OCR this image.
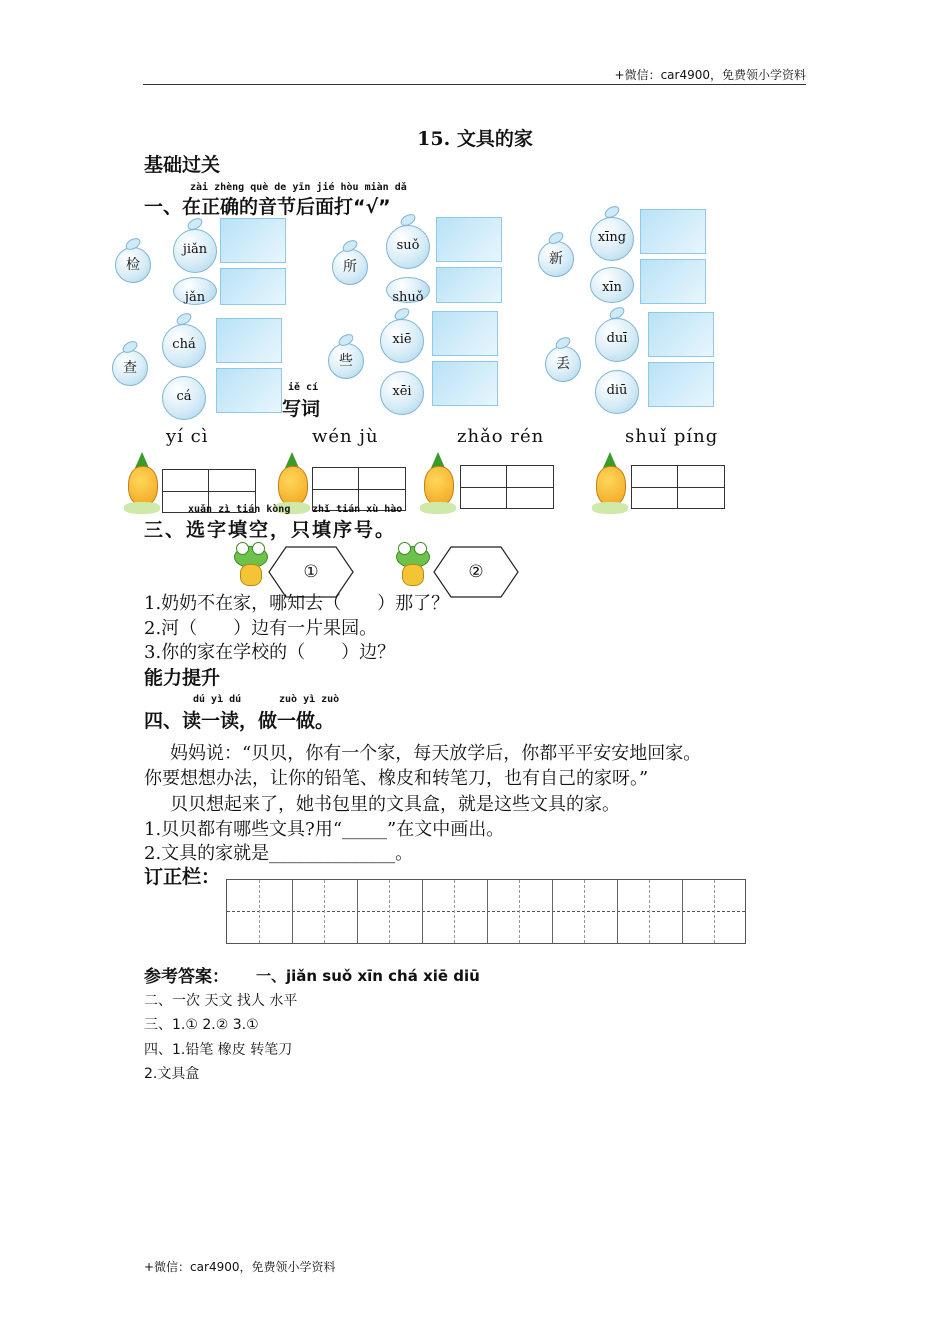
+微信：car4900，免费领小学资料
15. 文具的家
基础过关
zài zhèng què de yīn jié hòu miàn dǎ
一、在正确的音节后面打“√”
检
jiǎn
jǎn
所
suǒ
shuǒ
新
xīng
xīn
查
chá
cá
些
xiē
xēi
丢
duī
diū
iě cí
写词
yí cì	wén jù	zhǎo rén	shuǐ píng
xuǎn zì tián kòng zhǐ tián xù hào
三、选字填空，只填序号。
①	②
1.奶奶不在家，哪知去（　　）那了？
2.河（　　）边有一片果园。
3.你的家在学校的（　　）边？
能力提升
dú yì dú	zuò yì zuò
四、读一读，做一做。
妈妈说：“贝贝，你有一个家，每天放学后，你都平平安安地回家。
你要想想办法，让你的铅笔、橡皮和转笔刀，也有自己的家呀。”
贝贝想起来了，她书包里的文具盒，就是这些文具的家。
1.贝贝都有哪些文具?用“_____”在文中画出。
2.文具的家就是______________。
订正栏：
参考答案： 一、jiǎn suǒ xīn chá xiē diū
二、一次 天文 找人 水平
三、1.① 2.② 3.①
四、1.铅笔 橡皮 转笔刀
2.文具盒
+微信：car4900，免费领小学资料
